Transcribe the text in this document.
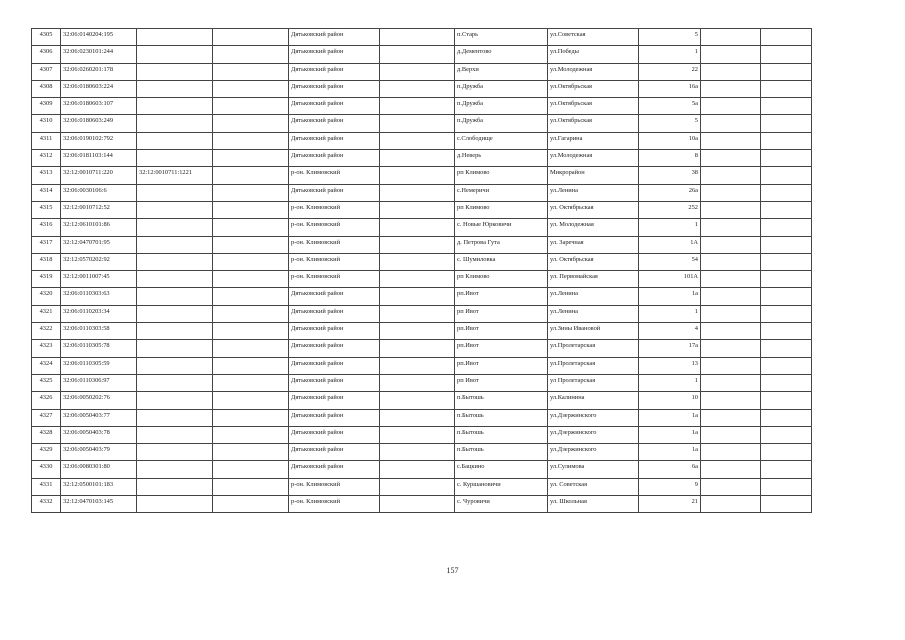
4305	32:06:0140204:195			Дятьковский район		п.Старь	ул.Советская	5		
4306	32:06:0230101:244			Дятьковский район		д.Дементово	ул.Победы	1		
4307	32:06:0260201:178			Дятьковский район		д.Верхи	ул.Молодежная	22		
4308	32:06:0180603:224			Дятьковский район		п.Дружба	ул.Октябрьская	16а		
4309	32:06:0180603:107			Дятьковский район		п.Дружба	ул.Октябрьская	5а		
4310	32:06:0180603:249			Дятьковский район		п.Дружба	ул.Октябрьская	5		
4311	32:06:0190102:792			Дятьковский район		с.Слободище	ул.Гагарина	10а		
4312	32:06:0181103:144			Дятьковский район		д.Неверь	ул.Молодежная	8		
4313	32:12:0010711:220	32:12:0010711:1221		р-он. Климовский		рп Климово	Микрорайон	38		
4314	32:06:0030106:6			Дятьковский район		с.Немеричи	ул.Ленина	26а		
4315	32:12:0010712:52			р-он. Климовский		рп Климово	ул. Октябрьская	252		
4316	32:12:0610101:86			р-он. Климовский		с. Новые Юрковичи	ул. Молодежная	1		
4317	32:12:0470701:95			р-он. Климовский		д. Петрова Гута	ул. Заречная	1А		
4318	32:12:0570202:92			р-он. Климовский		с. Шумиловка	ул. Октябрьская	54		
4319	32:12:0011007:45			р-он. Климовский		рп Климово	ул. Первомайская	101А		
4320	32:06:0110303:63			Дятьковский район		рп.Ивот	ул.Ленина	1а		
4321	32:06:0110203:34			Дятьковский район		рп Ивот	ул.Ленина	1		
4322	32:06:0110303:58			Дятьковский район		рп.Ивот	ул.Зины Ивановой	4		
4323	32:06:0110305:78			Дятьковский район		рп.Ивот	ул.Пролетарская	17а		
4324	32:06:0110305:59			Дятьковский район		рп.Ивот	ул.Пролетарская	13		
4325	32:06:0110306:97			Дятьковский район		рп Ивот	ул Пролетарская	1		
4326	32:06:0050202:76			Дятьковский район		п.Бытошь	ул.Калинина	10		
4327	32:06:0050403:77			Дятьковский район		п.Бытошь	ул.Дзержинского	1а		
4328	32:06:0050403:78			Дятьковский район		п.Бытошь	ул.Дзержинского	1а		
4329	32:06:0050403:79			Дятьковский район		п.Бытошь	ул.Дзержинского	1а		
4330	32:06:0080301:80			Дятьковский район		с.Бацкино	ул.Сулимова	6а		
4331	32:12:0500101:183			р-он. Климовский		с. Куршановичи	ул. Советская	9		
4332	32:12:0470103:145			р-он. Климовский		с. Чуровичи	ул. Школьная	21		
157
